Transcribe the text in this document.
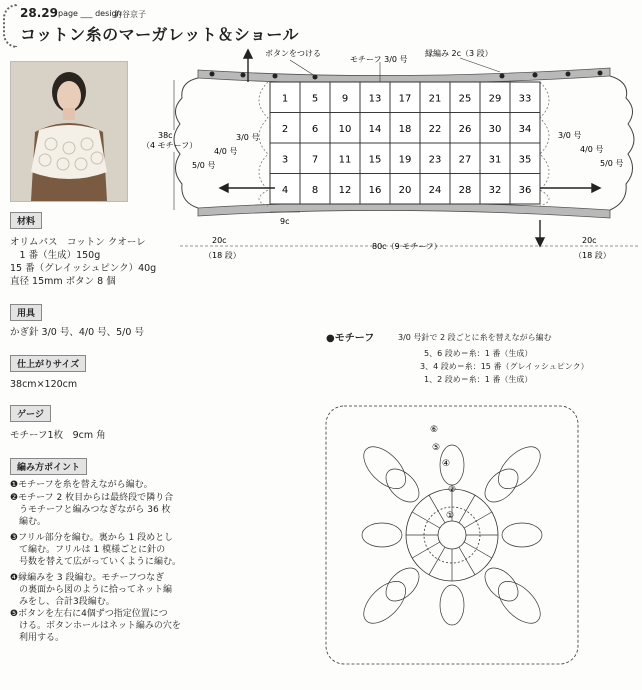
28.29 page ___ design
釣谷京子
コットン糸のマーガレット＆ショール
材料
オリムパス　コットン クオーレ
　1 番（生成）150g
15 番（グレイッシュピンク）40g
直径 15mm ボタン 8 個
用具
かぎ針 3/0 号、4/0 号、5/0 号
仕上がりサイズ
38cm×120cm
ゲージ
モチーフ1枚　9cm 角
編み方ポイント
❶モチーフを糸を替えながら編む。
❷モチーフ 2 枚目からは最終段で隣り合
　うモチーフと編みつなぎながら 36 枚
　編む。
❸フリル部分を編む。裏から 1 段めとし
　て編む。フリルは 1 模様ごとに針の
　号数を替えて広がっていくように編む。
❹縁編みを 3 段編む。モチーフつなぎ
　の裏面から図のように拾ってネット編
　みをし、合計3段編む。
❺ボタンを左右に4個ずつ指定位置につ
　ける。ボタンホールはネット編みの穴を
　利用する。
1 5 9 13 17 21 25 29 33
2 6 10 14 18 22 26 30 34
3 7 11 15 19 23 27 31 35
4 8 12 16 20 24 28 32 36
ボタンをつける
モチーフ 3/0 号
縁編み 2c（3 段）
38c
（4 モチーフ）
3/0 号
4/0 号
5/0 号
3/0 号
4/0 号
5/0 号
9c
20c
（18 段）
80c（9 モチーフ）
20c
（18 段）
●モチーフ	3/0 号針で 2 段ごとに糸を替えながら編む
5、6 段め＝糸：1 番（生成）
3、4 段め＝糸：15 番（グレイッシュピンク）
1、2 段め＝糸：1 番（生成）
⑥
⑤
④
②
①
